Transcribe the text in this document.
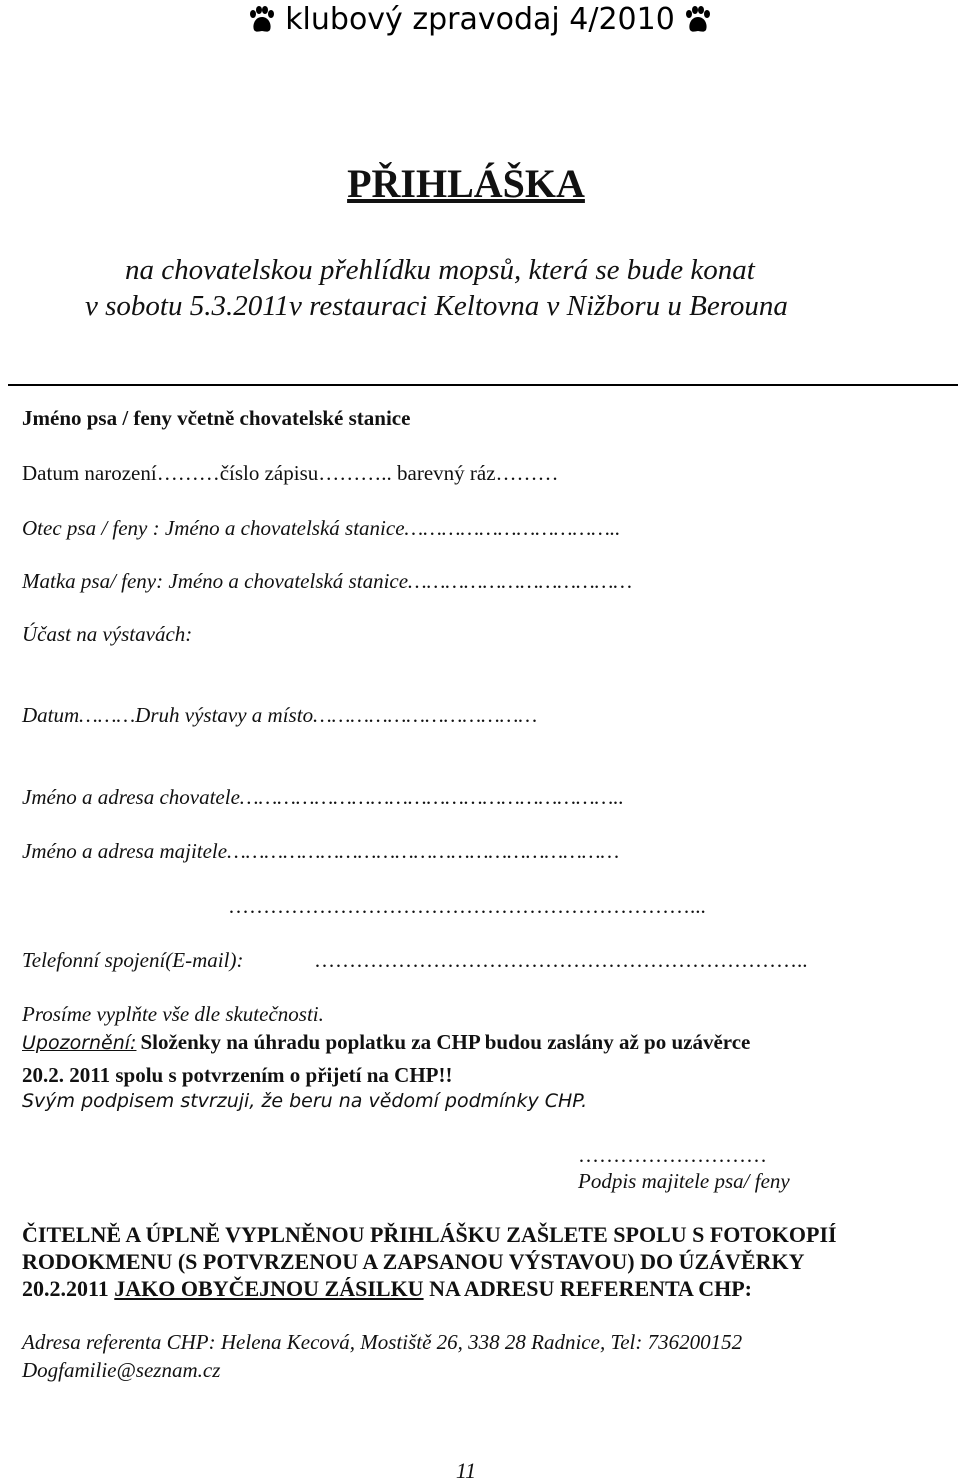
klubový zpravodaj 4/2010
PŘIHLÁŠKA
na chovatelskou přehlídku mopsů, která se bude konat
v sobotu 5.3.2011v restauraci Keltovna v Nižboru u Berouna
Jméno psa / feny včetně chovatelské stanice
Datum narození………číslo zápisu……….. barevný ráz………
Otec psa / feny : Jméno a chovatelská stanice……………………………..
Matka psa/ feny: Jméno a chovatelská stanice………………………………
Účast na výstavách:
Datum………Druh výstavy a místo………………………………
Jméno a adresa chovatele……………………………………………………..
Jméno a adresa majitele………………………………………………………
…………………………………………………………...
Telefonní spojení(E-mail):	……………………………………………………………..
Prosíme vyplňte vše dle skutečnosti.
Upozornění: Složenky na úhradu poplatku za CHP budou zaslány až po uzávěrce
20.2. 2011 spolu s potvrzením o přijetí na CHP!!
Svým podpisem stvrzuji, že beru na vědomí podmínky CHP.
………………………
Podpis majitele psa/ feny
ČITELNĚ A ÚPLNĚ VYPLNĚNOU PŘIHLÁŠKU ZAŠLETE SPOLU S FOTOKOPIÍ
RODOKMENU (S POTVRZENOU A ZAPSANOU VÝSTAVOU) DO ÚZÁVĚRKY
20.2.2011 JAKO OBYČEJNOU ZÁSILKU NA ADRESU REFERENTA CHP:
Adresa referenta CHP: Helena Kecová, Mostiště 26, 338 28 Radnice, Tel: 736200152
Dogfamilie@seznam.cz
11
